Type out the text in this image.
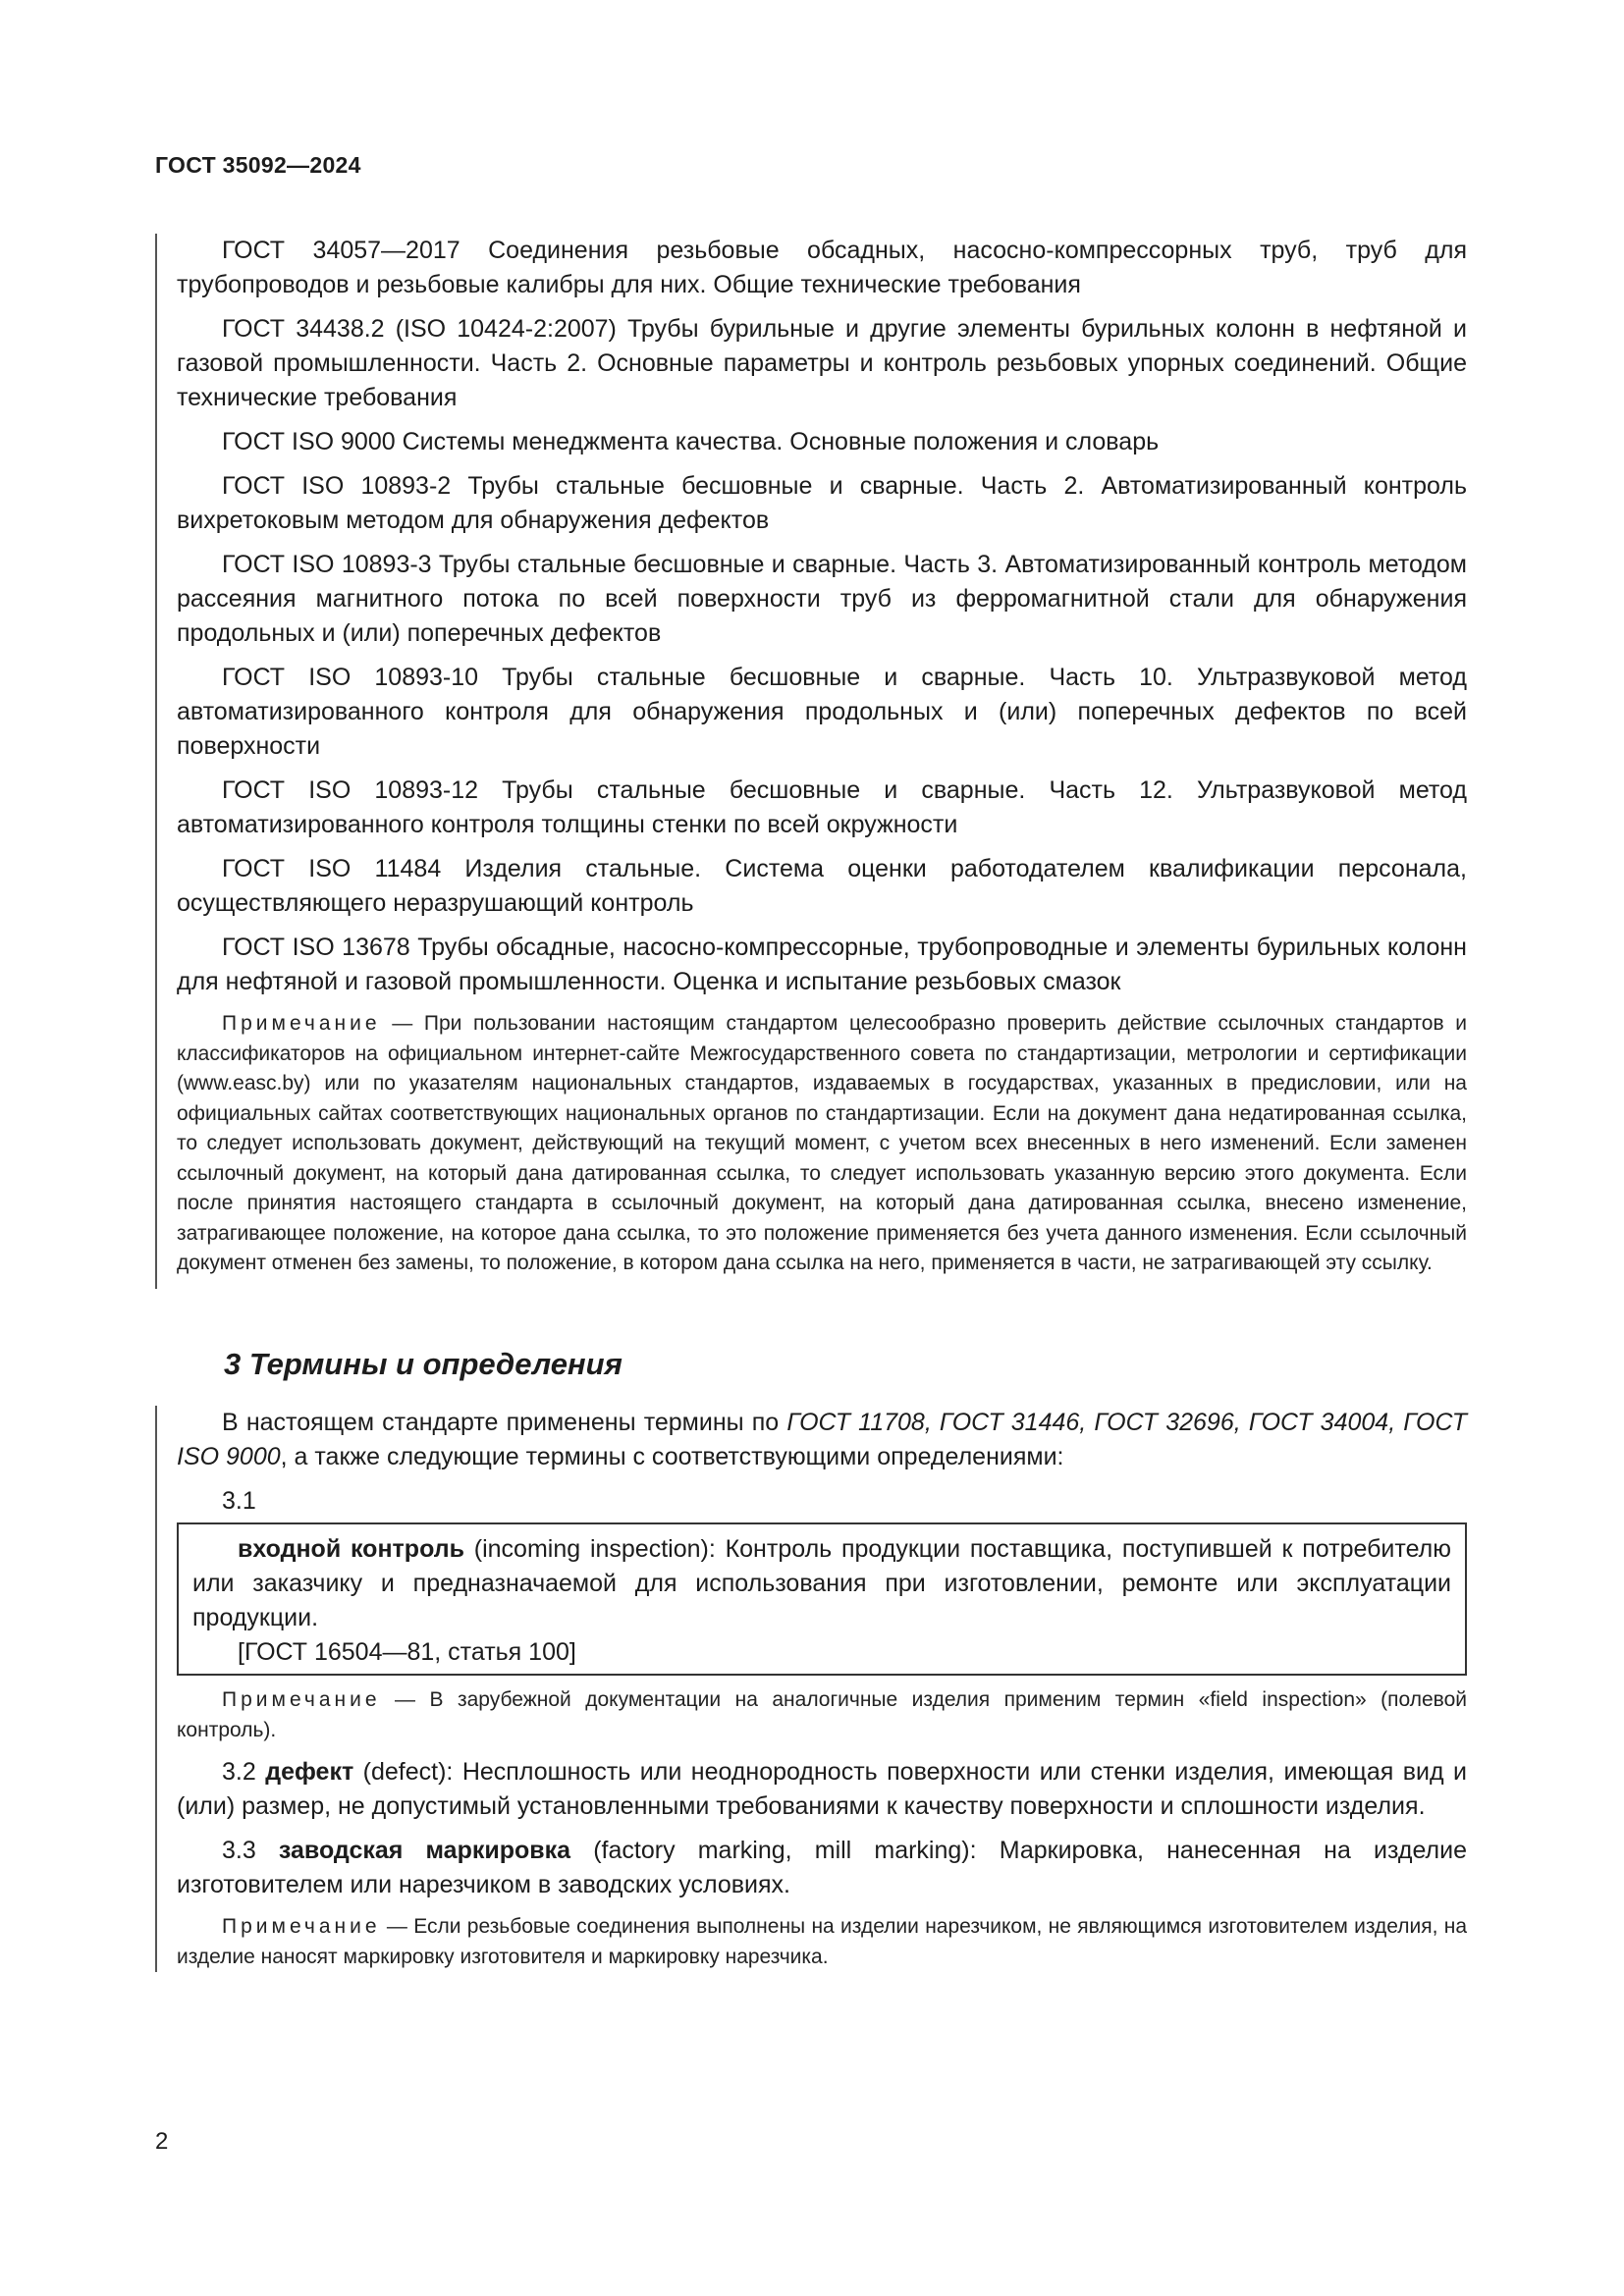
ГОСТ 35092—2024

ГОСТ 34057—2017 Соединения резьбовые обсадных, насосно-компрессорных труб, труб для трубопроводов и резьбовые калибры для них. Общие технические требования

ГОСТ 34438.2 (ISO 10424-2:2007) Трубы бурильные и другие элементы бурильных колонн в нефтяной и газовой промышленности. Часть 2. Основные параметры и контроль резьбовых упорных соединений. Общие технические требования

ГОСТ ISO 9000 Системы менеджмента качества. Основные положения и словарь

ГОСТ ISO 10893-2 Трубы стальные бесшовные и сварные. Часть 2. Автоматизированный контроль вихретоковым методом для обнаружения дефектов

ГОСТ ISO 10893-3 Трубы стальные бесшовные и сварные. Часть 3. Автоматизированный контроль методом рассеяния магнитного потока по всей поверхности труб из ферромагнитной стали для обнаружения продольных и (или) поперечных дефектов

ГОСТ ISO 10893-10 Трубы стальные бесшовные и сварные. Часть 10. Ультразвуковой метод автоматизированного контроля для обнаружения продольных и (или) поперечных дефектов по всей поверхности

ГОСТ ISO 10893-12 Трубы стальные бесшовные и сварные. Часть 12. Ультразвуковой метод автоматизированного контроля толщины стенки по всей окружности

ГОСТ ISO 11484 Изделия стальные. Система оценки работодателем квалификации персонала, осуществляющего неразрушающий контроль

ГОСТ ISO 13678 Трубы обсадные, насосно-компрессорные, трубопроводные и элементы бурильных колонн для нефтяной и газовой промышленности. Оценка и испытание резьбовых смазок

Примечание — При пользовании настоящим стандартом целесообразно проверить действие ссылочных стандартов и классификаторов на официальном интернет-сайте Межгосударственного совета по стандартизации, метрологии и сертификации (www.easc.by) или по указателям национальных стандартов, издаваемых в государствах, указанных в предисловии, или на официальных сайтах соответствующих национальных органов по стандартизации. Если на документ дана недатированная ссылка, то следует использовать документ, действующий на текущий момент, с учетом всех внесенных в него изменений. Если заменен ссылочный документ, на который дана датированная ссылка, то следует использовать указанную версию этого документа. Если после принятия настоящего стандарта в ссылочный документ, на который дана датированная ссылка, внесено изменение, затрагивающее положение, на которое дана ссылка, то это положение применяется без учета данного изменения. Если ссылочный документ отменен без замены, то положение, в котором дана ссылка на него, применяется в части, не затрагивающей эту ссылку.

3 Термины и определения

В настоящем стандарте применены термины по ГОСТ 11708, ГОСТ 31446, ГОСТ 32696, ГОСТ 34004, ГОСТ ISO 9000, а также следующие термины с соответствующими определениями:

3.1

входной контроль (incoming inspection): Контроль продукции поставщика, поступившей к потребителю или заказчику и предназначаемой для использования при изготовлении, ремонте или эксплуатации продукции.

[ГОСТ 16504—81, статья 100]

Примечание — В зарубежной документации на аналогичные изделия применим термин «field inspection» (полевой контроль).

3.2 дефект (defect): Несплошность или неоднородность поверхности или стенки изделия, имеющая вид и (или) размер, не допустимый установленными требованиями к качеству поверхности и сплошности изделия.

3.3 заводская маркировка (factory marking, mill marking): Маркировка, нанесенная на изделие изготовителем или нарезчиком в заводских условиях.

Примечание — Если резьбовые соединения выполнены на изделии нарезчиком, не являющимся изготовителем изделия, на изделие наносят маркировку изготовителя и маркировку нарезчика.

2
